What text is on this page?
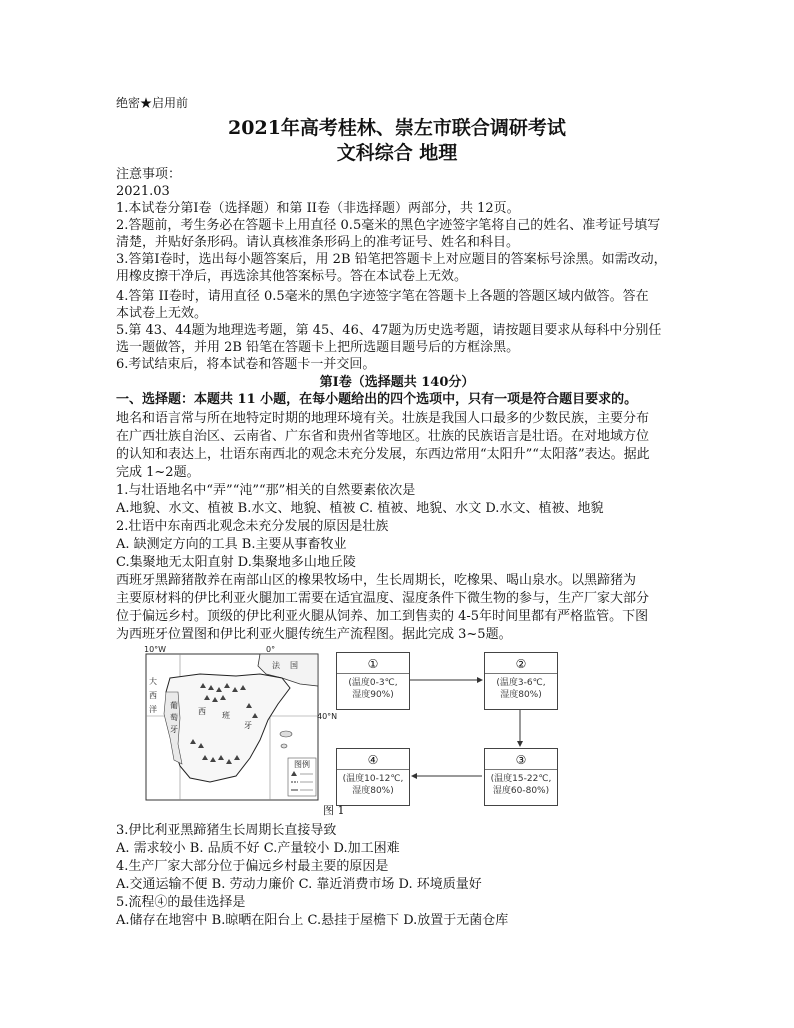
绝密★启用前
2021年高考桂林、崇左市联合调研考试
文科综合 地理
注意事项：
2021.03
1.本试卷分第Ⅰ卷（选择题）和第 II卷（非选择题）两部分，共 12页。
2.答题前，考生务必在答题卡上用直径 0.5毫米的黑色字迹签字笔将自己的姓名、准考证号填写
清楚，并贴好条形码。请认真核准条形码上的准考证号、姓名和科目。
3.答第Ⅰ卷时，选出每小题答案后，用 2B 铅笔把答题卡上对应题目的答案标号涂黑。如需改动，
用橡皮擦干净后，再选涂其他答案标号。答在本试卷上无效。
4.答第 II卷时，请用直径 0.5毫米的黑色字迹签字笔在答题卡上各题的答题区域内做答。答在
本试卷上无效。
5.第 43、44题为地理选考题，第 45、46、47题为历史选考题，请按题目要求从每科中分别任
选一题做答，并用 2B 铅笔在答题卡上把所选题目题号后的方框涂黑。
6.考试结束后，将本试卷和答题卡一并交回。
第Ⅰ卷（选择题共 140分）
一、选择题：本题共 11 小题，在每小题给出的四个选项中，只有一项是符合题目要求的。
地名和语言常与所在地特定时期的地理环境有关。壮族是我国人口最多的少数民族，主要分布
在广西壮族自治区、云南省、广东省和贵州省等地区。壮族的民族语言是壮语。在对地域方位
的认知和表达上，壮语东南西北的观念未充分发展，东西边常用“太阳升”“太阳落”表达。据此
完成 1~2题。
1.与壮语地名中“弄”“沌”“那”相关的自然要素依次是
A.地貌、水文、植被 B.水文、地貌、植被 C. 植被、地貌、水文 D.水文、植被、地貌
2.壮语中东南西北观念未充分发展的原因是壮族
A. 缺测定方向的工具 B.主要从事畜牧业
C.集聚地无太阳直射 D.集聚地多山地丘陵
西班牙黑蹄猪散养在南部山区的橡果牧场中，生长周期长，吃橡果、喝山泉水。以黑蹄猪为
主要原材料的伊比利亚火腿加工需要在适宜温度、湿度条件下微生物的参与，生产厂家大部分
位于偏远乡村。顶级的伊比利亚火腿从饲养、加工到售卖的 4-5年时间里都有严格监管。下图
为西班牙位置图和伊比利亚火腿传统生产流程图。据此完成 3~5题。
10°W	0°
40°N
法 国
西 班
牙
葡
萄
牙
大
西
洋
图例
①
(温度0-3℃,
湿度90%)
②
(温度3-6℃,
湿度80%)
③
(温度15-22℃,
湿度60-80%)
④
(温度10-12℃,
湿度80%)
图 1
3.伊比利亚黑蹄猪生长周期长直接导致
A. 需求较小 B. 品质不好 C.产量较小 D.加工困难
4.生产厂家大部分位于偏远乡村最主要的原因是
A.交通运输不便 B. 劳动力廉价 C. 靠近消费市场 D. 环境质量好
5.流程④的最佳选择是
A.储存在地窖中 B.晾晒在阳台上 C.悬挂于屋檐下 D.放置于无菌仓库
